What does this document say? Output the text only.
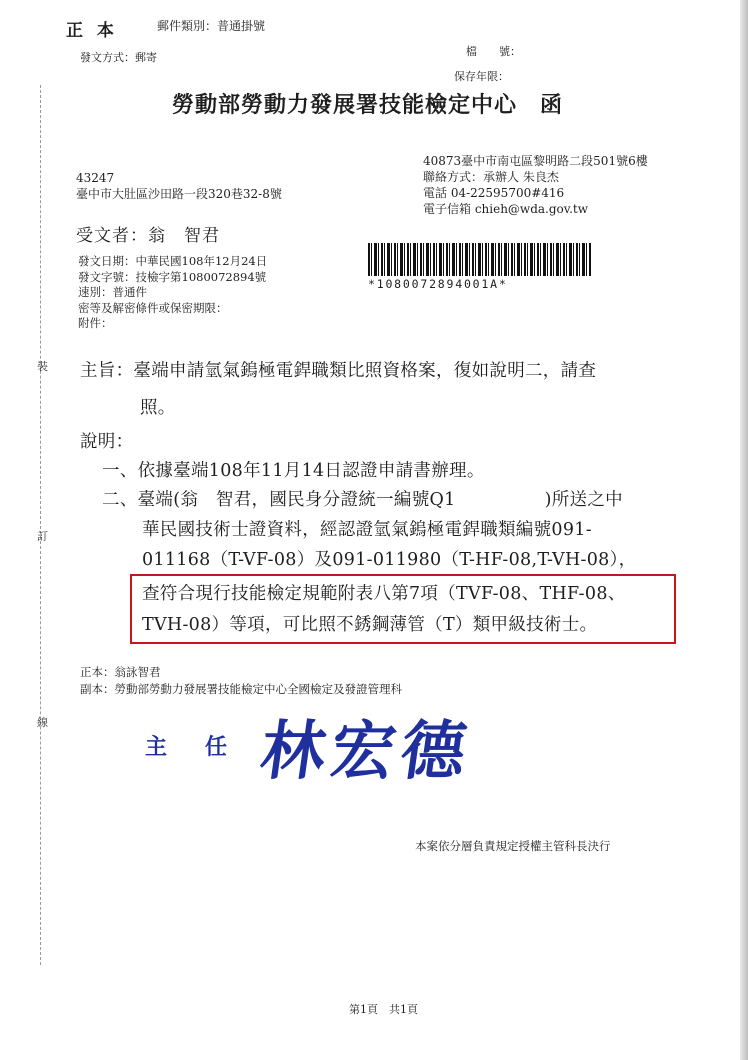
裝
訂
線
正 本	郵件類別：普通掛號
發文方式：郵寄	檔　　號：
保存年限：
勞動部勞動力發展署技能檢定中心　函
40873臺中市南屯區黎明路二段501號6樓
聯絡方式：承辦人 朱良杰
電話 04-22595700#416
電子信箱 chieh@wda.gov.tw
43247
臺中市大肚區沙田路一段320巷32-8號
受文者：翁　智君
發文日期：中華民國108年12月24日
發文字號：技檢字第1080072894號
速別：普通件
密等及解密條件或保密期限：
附件：
*1080072894001A*
主旨：臺端申請氫氣鎢極電銲職類比照資格案，復如說明二，請查
照。
說明：
一、依據臺端108年11月14日認證申請書辦理。
二、臺端(翁　智君，國民身分證統一編號Q1　　　　　)所送之中
華民國技術士證資料，經認證氫氣鎢極電銲職類編號091-
011168（T-VF-08）及091-011980（T-HF-08,T-VH-08），
查符合現行技能檢定規範附表八第7項（TVF-08、THF-08、
TVH-08）等項，可比照不銹鋼薄管（T）類甲級技術士。
正本：翁詠智君
副本：勞動部勞動力發展署技能檢定中心全國檢定及發證管理科
主 任 林宏德
本案依分層負責規定授權主管科長決行
第1頁　共1頁
